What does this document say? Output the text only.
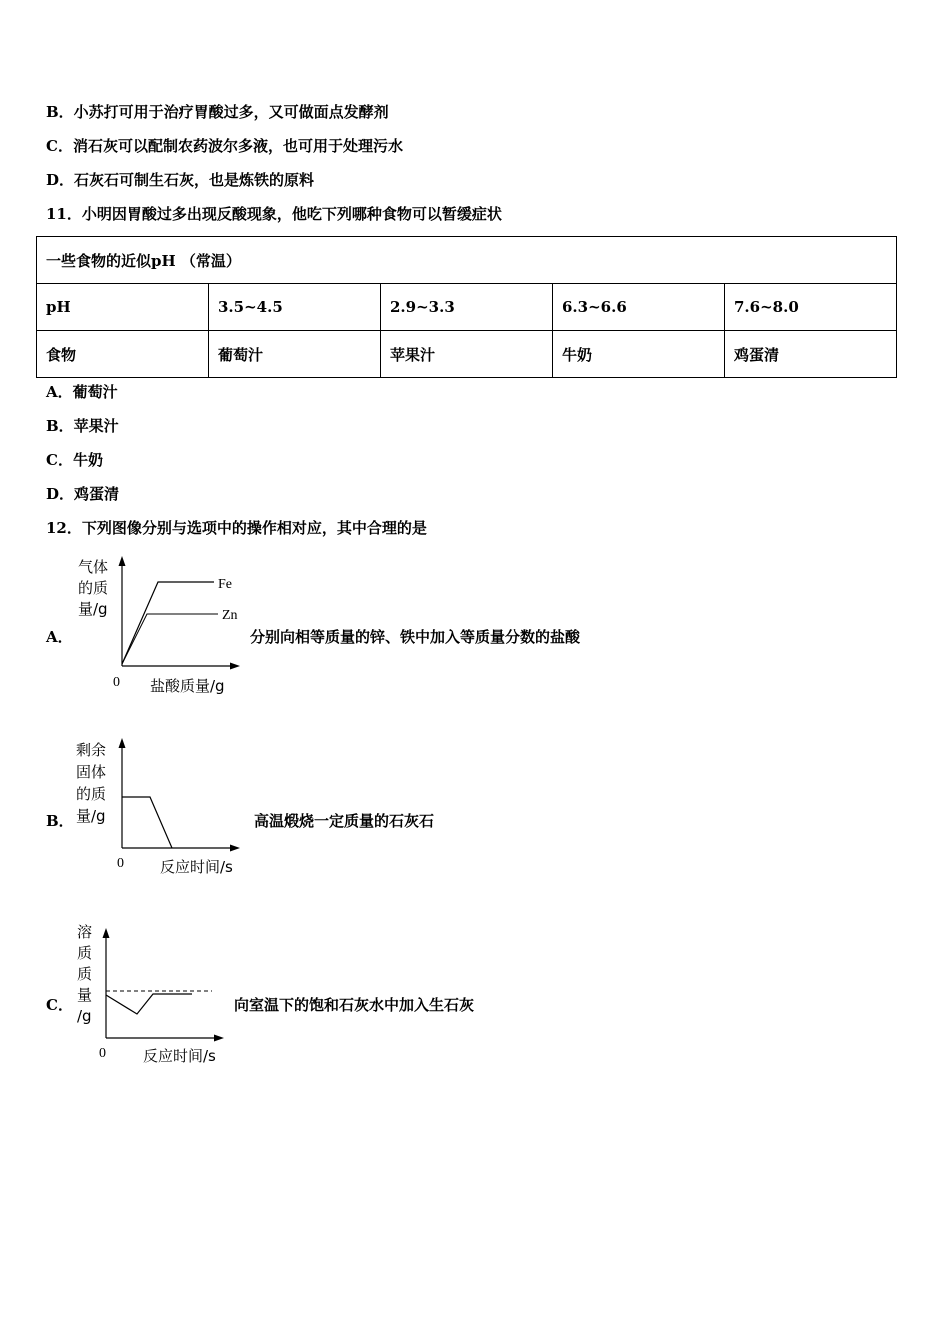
B．小苏打可用于治疗胃酸过多，又可做面点发酵剂
C．消石灰可以配制农药波尔多液，也可用于处理污水
D．石灰石可制生石灰，也是炼铁的原料
11．小明因胃酸过多出现反酸现象，他吃下列哪种食物可以暂缓症状
一些食物的近似pH （常温）				
pH	3.5~4.5	2.9~3.3	6.3~6.6	7.6~8.0
食物	葡萄汁	苹果汁	牛奶	鸡蛋清
A．葡萄汁
B．苹果汁
C．牛奶
D．鸡蛋清
12．下列图像分别与选项中的操作相对应，其中合理的是
A．	分别向相等质量的锌、铁中加入等质量分数的盐酸
Fe
Zn
气体
的质
量/g
0 盐酸质量/g
B．	高温煅烧一定质量的石灰石
剩余
固体
的质
量/g
0 反应时间/s
C．	向室温下的饱和石灰水中加入生石灰
溶
质
质
量
/g
0 反应时间/s
